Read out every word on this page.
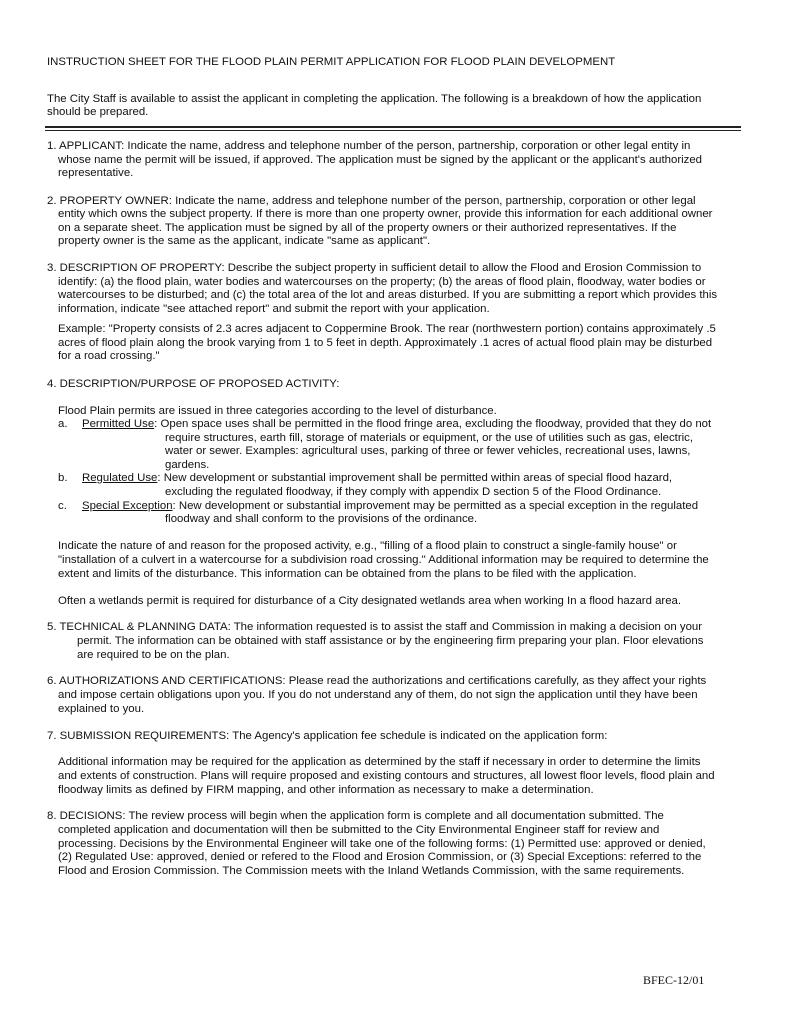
INSTRUCTION SHEET FOR THE FLOOD PLAIN PERMIT APPLICATION FOR FLOOD PLAIN DEVELOPMENT
The City Staff is available to assist the applicant in completing the application. The following is a breakdown of how the application
should be prepared.
1. APPLICANT: Indicate the name, address and telephone number of the person, partnership, corporation or other legal entity in
whose name the permit will be issued, if approved. The application must be signed by the applicant or the applicant's authorized
representative.
2. PROPERTY OWNER: Indicate the name, address and telephone number of the person, partnership, corporation or other legal
entity which owns the subject property. If there is more than one property owner, provide this information for each additional owner
on a separate sheet. The application must be signed by all of the property owners or their authorized representatives. If the
property owner is the same as the applicant, indicate "same as applicant".
3. DESCRIPTION OF PROPERTY: Describe the subject property in sufficient detail to allow the Flood and Erosion Commission to
identify: (a) the flood plain, water bodies and watercourses on the property; (b) the areas of flood plain, floodway, water bodies or
watercourses to be disturbed; and (c) the total area of the lot and areas disturbed. If you are submitting a report which provides this
information, indicate "see attached report" and submit the report with your application.
Example: "Property consists of 2.3 acres adjacent to Coppermine Brook. The rear (northwestern portion) contains approximately .5
acres of flood plain along the brook varying from 1 to 5 feet in depth. Approximately .1 acres of actual flood plain may be disturbed
for a road crossing."
4. DESCRIPTION/PURPOSE OF PROPOSED ACTIVITY:
Flood Plain permits are issued in three categories according to the level of disturbance.
a. Permitted Use: Open space uses shall be permitted in the flood fringe area, excluding the floodway, provided that they do not
require structures, earth fill, storage of materials or equipment, or the use of utilities such as gas, electric,
water or sewer. Examples: agricultural uses, parking of three or fewer vehicles, recreational uses, lawns,
gardens.
b. Regulated Use: New development or substantial improvement shall be permitted within areas of special flood hazard,
excluding the regulated floodway, if they comply with appendix D section 5 of the Flood Ordinance.
c. Special Exception: New development or substantial improvement may be permitted as a special exception in the regulated
floodway and shall conform to the provisions of the ordinance.
Indicate the nature of and reason for the proposed activity, e.g., "filling of a flood plain to construct a single-family house" or
"installation of a culvert in a watercourse for a subdivision road crossing." Additional information may be required to determine the
extent and limits of the disturbance. This information can be obtained from the plans to be filed with the application.
Often a wetlands permit is required for disturbance of a City designated wetlands area when working In a flood hazard area.
5. TECHNICAL & PLANNING DATA: The information requested is to assist the staff and Commission in making a decision on your
permit. The information can be obtained with staff assistance or by the engineering firm preparing your plan. Floor elevations
are required to be on the plan.
6. AUTHORIZATIONS AND CERTIFICATIONS: Please read the authorizations and certifications carefully, as they affect your rights
and impose certain obligations upon you. If you do not understand any of them, do not sign the application until they have been
explained to you.
7. SUBMISSION REQUIREMENTS: The Agency's application fee schedule is indicated on the application form:
Additional information may be required for the application as determined by the staff if necessary in order to determine the limits
and extents of construction. Plans will require proposed and existing contours and structures, all lowest floor levels, flood plain and
floodway limits as defined by FIRM mapping, and other information as necessary to make a determination.
8. DECISIONS: The review process will begin when the application form is complete and all documentation submitted. The
completed application and documentation will then be submitted to the City Environmental Engineer staff for review and
processing. Decisions by the Environmental Engineer will take one of the following forms: (1) Permitted use: approved or denied,
(2) Regulated Use: approved, denied or refered to the Flood and Erosion Commission, or (3) Special Exceptions: referred to the
Flood and Erosion Commission. The Commission meets with the Inland Wetlands Commission, with the same requirements.
BFEC-12/01
